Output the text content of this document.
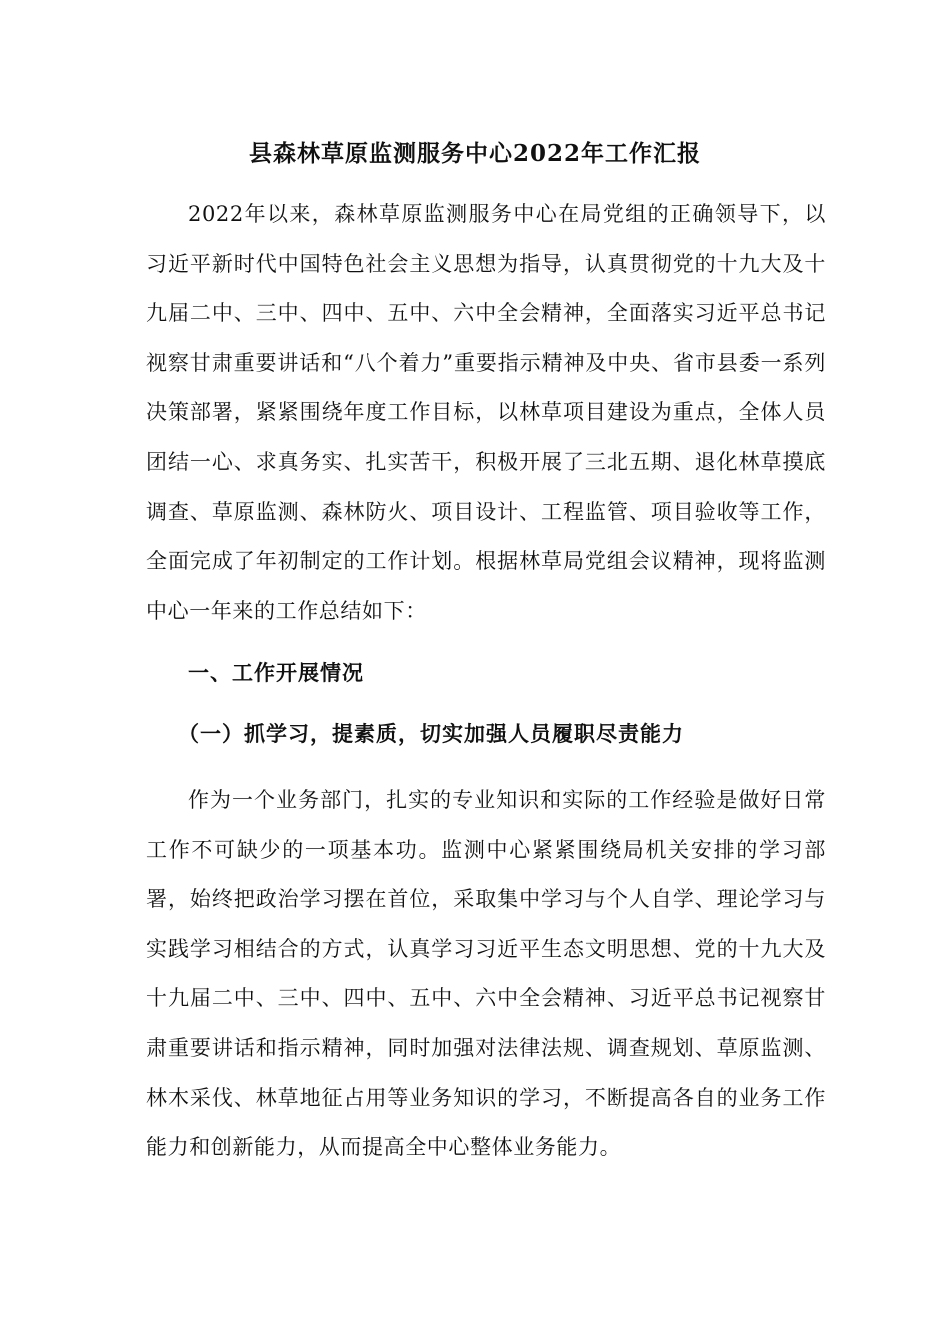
县森林草原监测服务中心2022年工作汇报

2022年以来，森林草原监测服务中心在局党组的正确领导下，以习近平新时代中国特色社会主义思想为指导，认真贯彻党的十九大及十九届二中、三中、四中、五中、六中全会精神，全面落实习近平总书记视察甘肃重要讲话和“八个着力”重要指示精神及中央、省市县委一系列决策部署，紧紧围绕年度工作目标，以林草项目建设为重点，全体人员团结一心、求真务实、扎实苦干，积极开展了三北五期、退化林草摸底调查、草原监测、森林防火、项目设计、工程监管、项目验收等工作，全面完成了年初制定的工作计划。根据林草局党组会议精神，现将监测中心一年来的工作总结如下：

一、工作开展情况
（一）抓学习，提素质，切实加强人员履职尽责能力

作为一个业务部门，扎实的专业知识和实际的工作经验是做好日常工作不可缺少的一项基本功。监测中心紧紧围绕局机关安排的学习部署，始终把政治学习摆在首位，采取集中学习与个人自学、理论学习与实践学习相结合的方式，认真学习习近平生态文明思想、党的十九大及十九届二中、三中、四中、五中、六中全会精神、习近平总书记视察甘肃重要讲话和指示精神，同时加强对法律法规、调查规划、草原监测、林木采伐、林草地征占用等业务知识的学习，不断提高各自的业务工作能力和创新能力，从而提高全中心整体业务能力。
